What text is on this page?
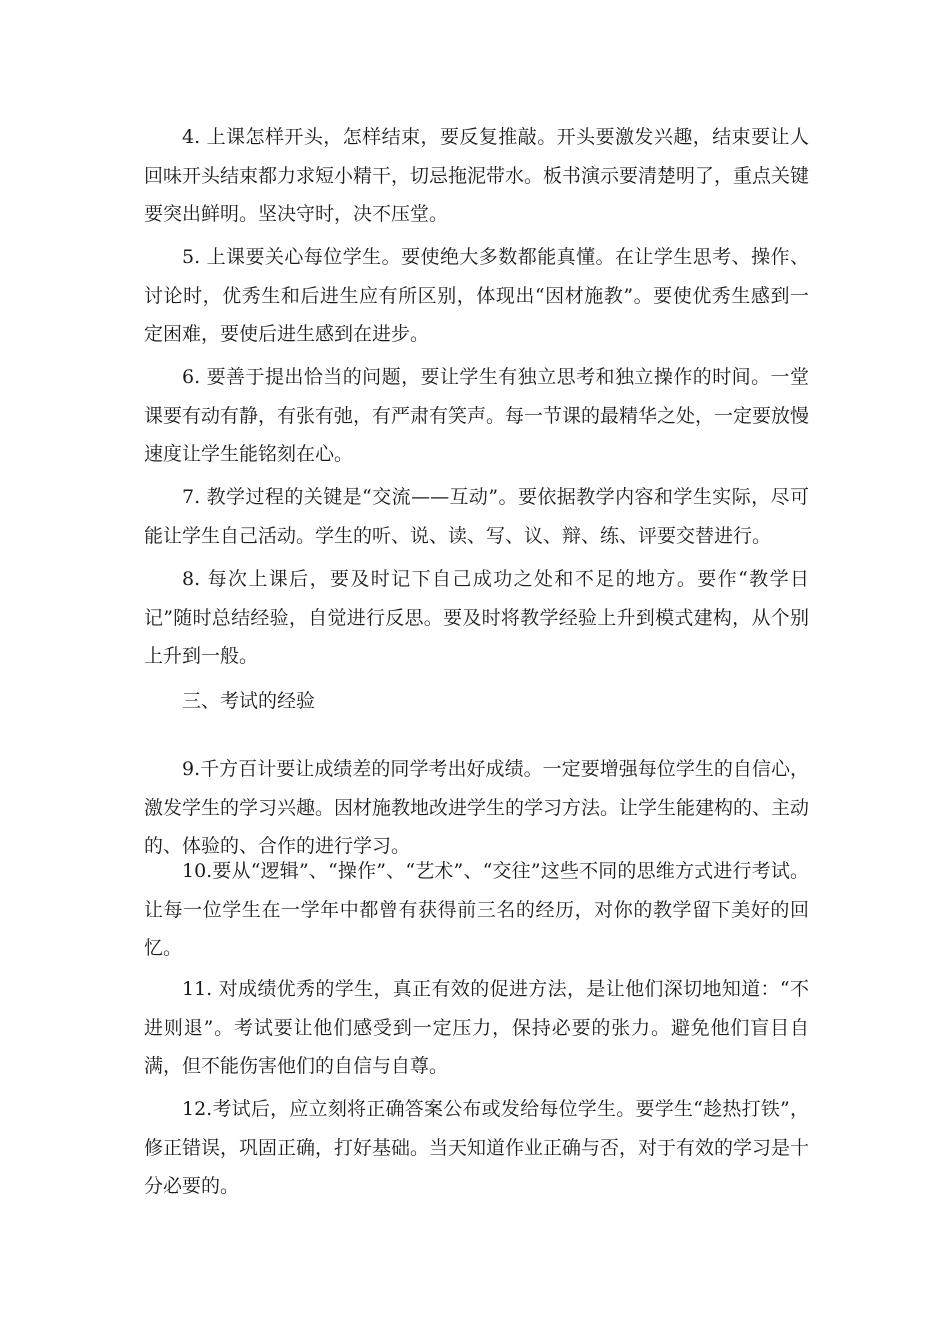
4. 上课怎样开头，怎样结束，要反复推敲。开头要激发兴趣，结束要让人回味开头结束都力求短小精干，切忌拖泥带水。板书演示要清楚明了，重点关键要突出鲜明。坚决守时，决不压堂。

5. 上课要关心每位学生。要使绝大多数都能真懂。在让学生思考、操作、讨论时，优秀生和后进生应有所区别，体现出“因材施教”。要使优秀生感到一定困难，要使后进生感到在进步。

6. 要善于提出恰当的问题，要让学生有独立思考和独立操作的时间。一堂课要有动有静，有张有弛，有严肃有笑声。每一节课的最精华之处，一定要放慢速度让学生能铭刻在心。

7. 教学过程的关键是“交流——互动”。要依据教学内容和学生实际，尽可能让学生自己活动。学生的听、说、读、写、议、辩、练、评要交替进行。

8. 每次上课后，要及时记下自己成功之处和不足的地方。要作“教学日记”随时总结经验，自觉进行反思。要及时将教学经验上升到模式建构，从个别上升到一般。

三、考试的经验

9.千方百计要让成绩差的同学考出好成绩。一定要增强每位学生的自信心，激发学生的学习兴趣。因材施教地改进学生的学习方法。让学生能建构的、主动的、体验的、合作的进行学习。

10.要从“逻辑”、“操作”、“艺术”、“交往”这些不同的思维方式进行考试。让每一位学生在一学年中都曾有获得前三名的经历，对你的教学留下美好的回忆。

11. 对成绩优秀的学生，真正有效的促进方法，是让他们深切地知道：“不进则退”。考试要让他们感受到一定压力，保持必要的张力。避免他们盲目自满，但不能伤害他们的自信与自尊。

12.考试后，应立刻将正确答案公布或发给每位学生。要学生“趁热打铁”，修正错误，巩固正确，打好基础。当天知道作业正确与否，对于有效的学习是十分必要的。
